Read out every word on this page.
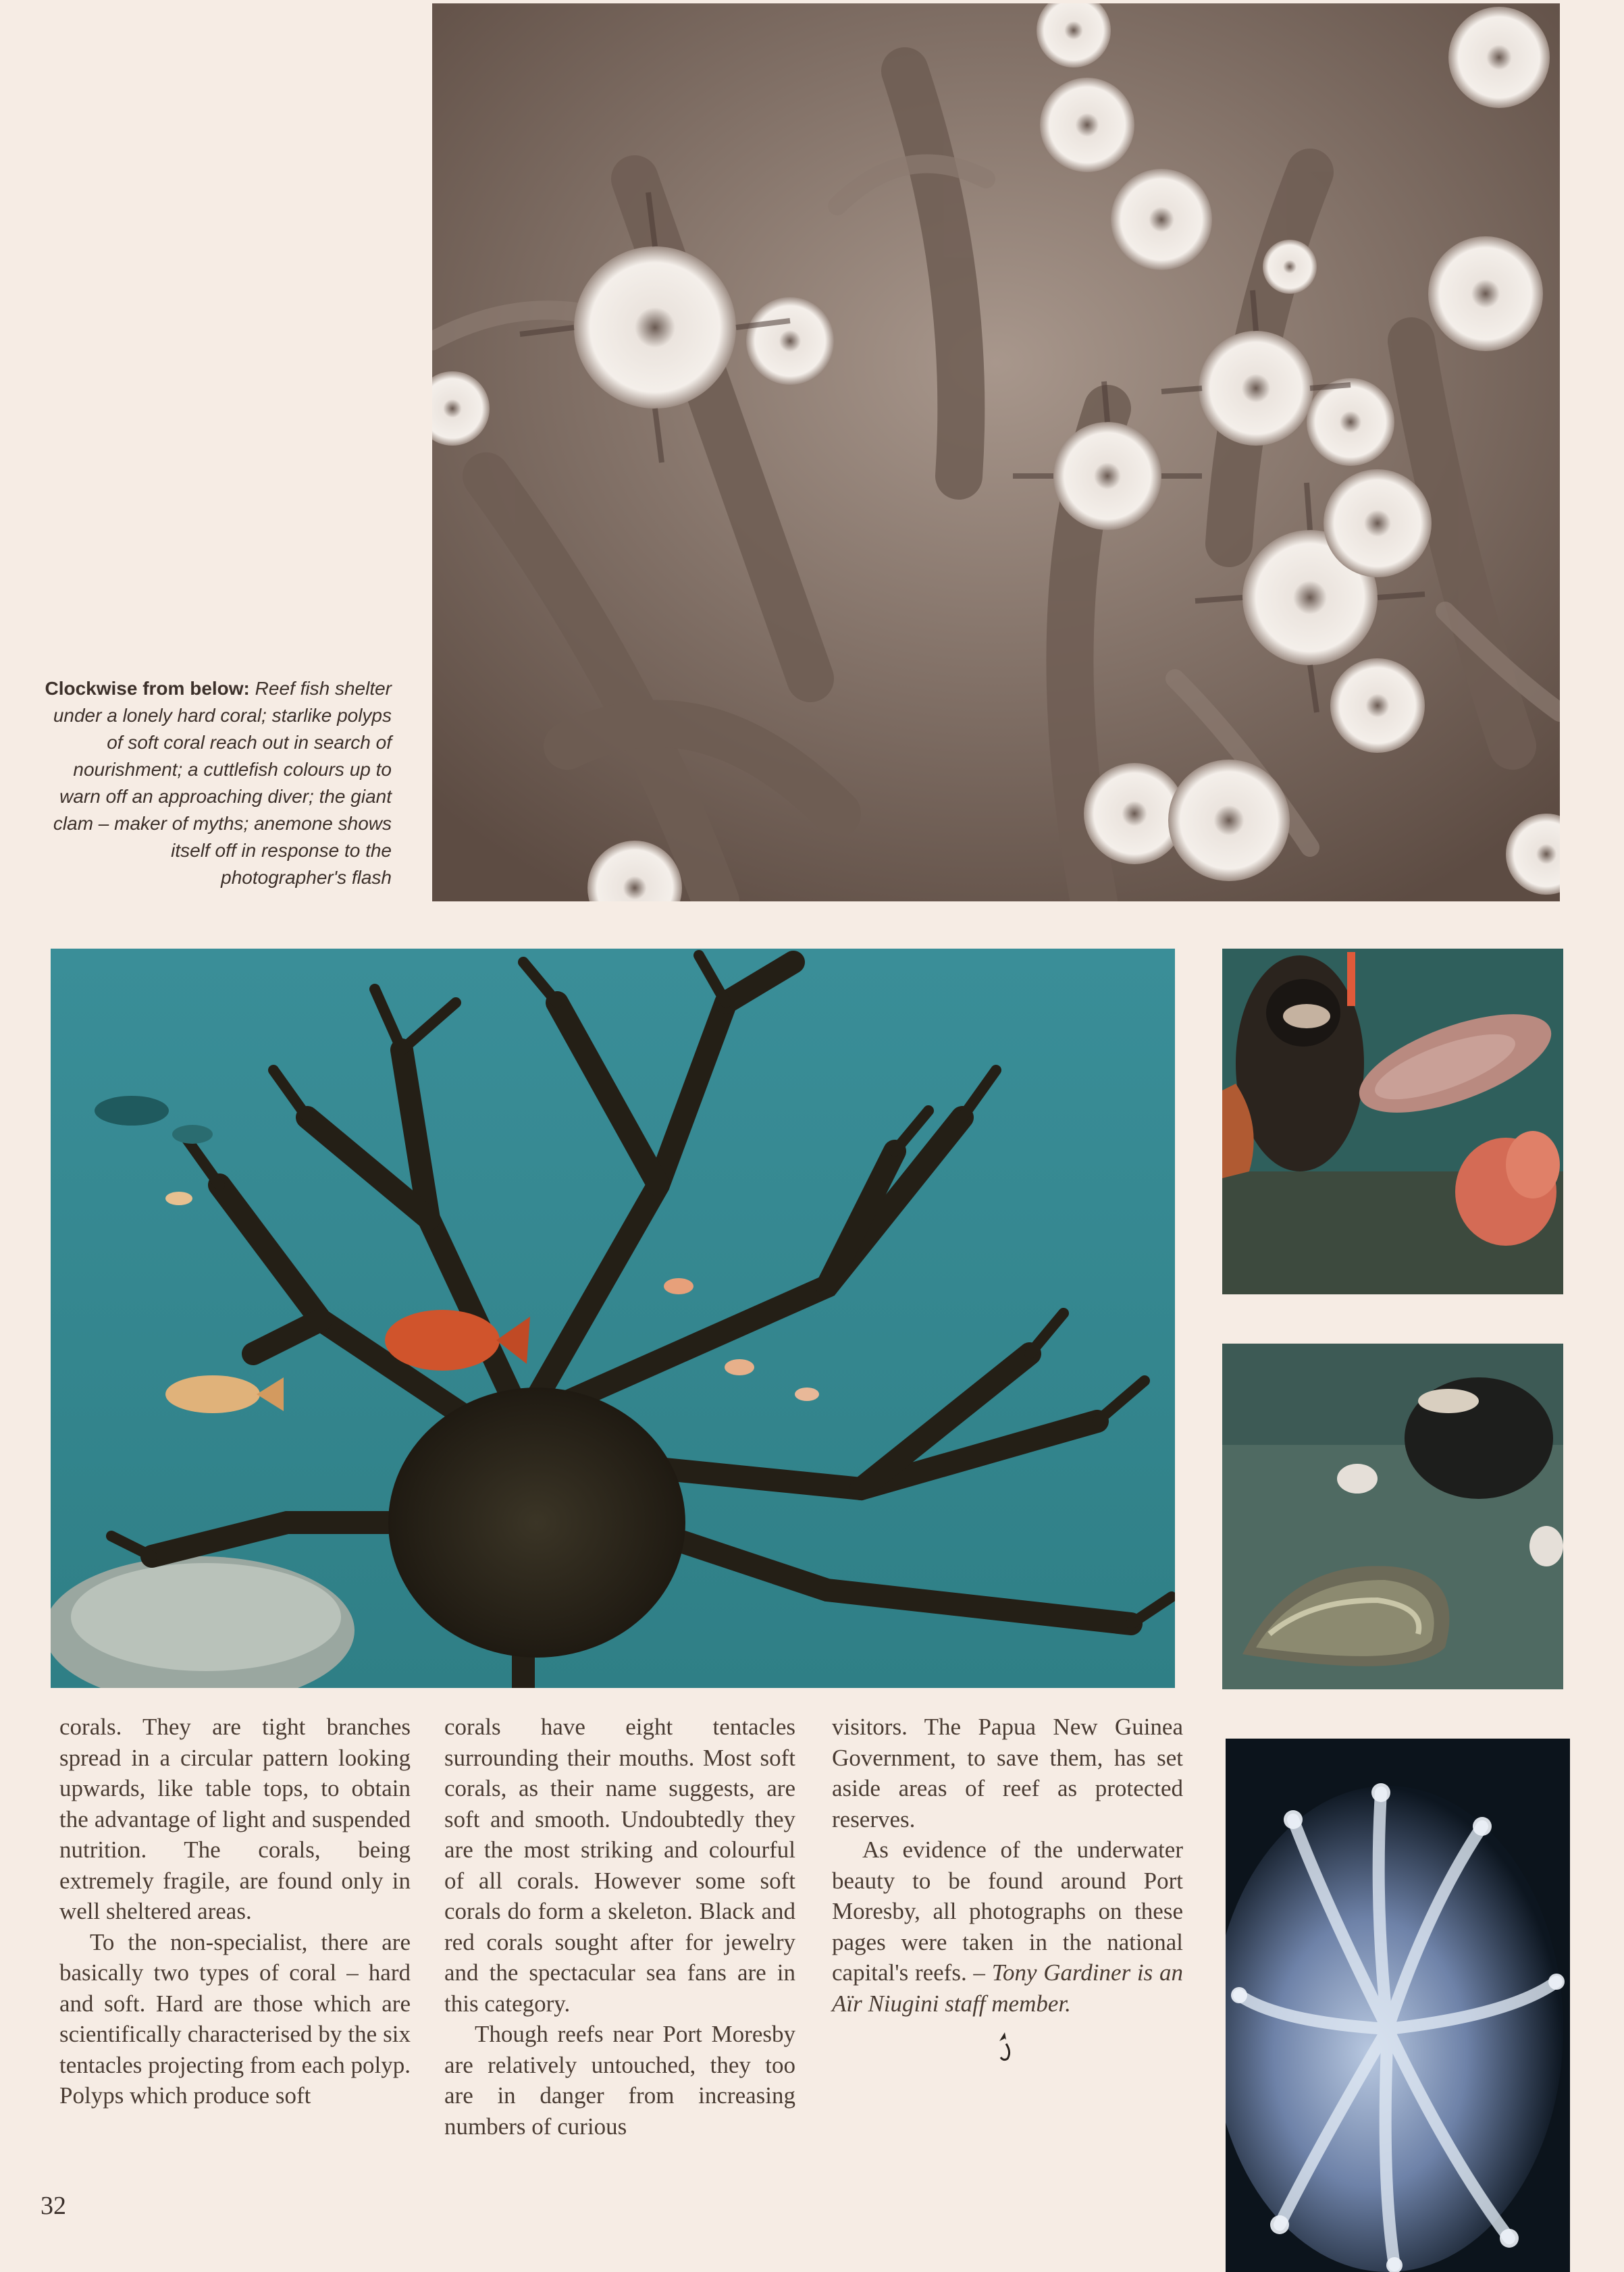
Clockwise from below: Reef fish shelter under a lonely hard coral; starlike polyps of soft coral reach out in search of nourishment; a cuttlefish colours up to warn off an approaching diver; the giant clam – maker of myths; anemone shows itself off in response to the photographer's flash

corals. They are tight branches spread in a circular pattern looking upwards, like table tops, to obtain the advantage of light and suspended nutrition. The corals, being extremely fragile, are found only in well sheltered areas.

To the non-specialist, there are basically two types of coral – hard and soft. Hard are those which are scientifically characterised by the six tentacles projecting from each polyp. Polyps which produce soft

corals have eight tentacles surrounding their mouths. Most soft corals, as their name suggests, are soft and smooth. Undoubtedly they are the most striking and colourful of all corals. However some soft corals do form a skeleton. Black and red corals sought after for jewelry and the spectacular sea fans are in this category.

Though reefs near Port Moresby are relatively untouched, they too are in danger from increasing numbers of curious

visitors. The Papua New Guinea Government, to save them, has set aside areas of reef as protected reserves.

As evidence of the underwater beauty to be found around Port Moresby, all photographs on these pages were taken in the national capital's reefs. – Tony Gardiner is an Aïr Niugini staff member.

32
